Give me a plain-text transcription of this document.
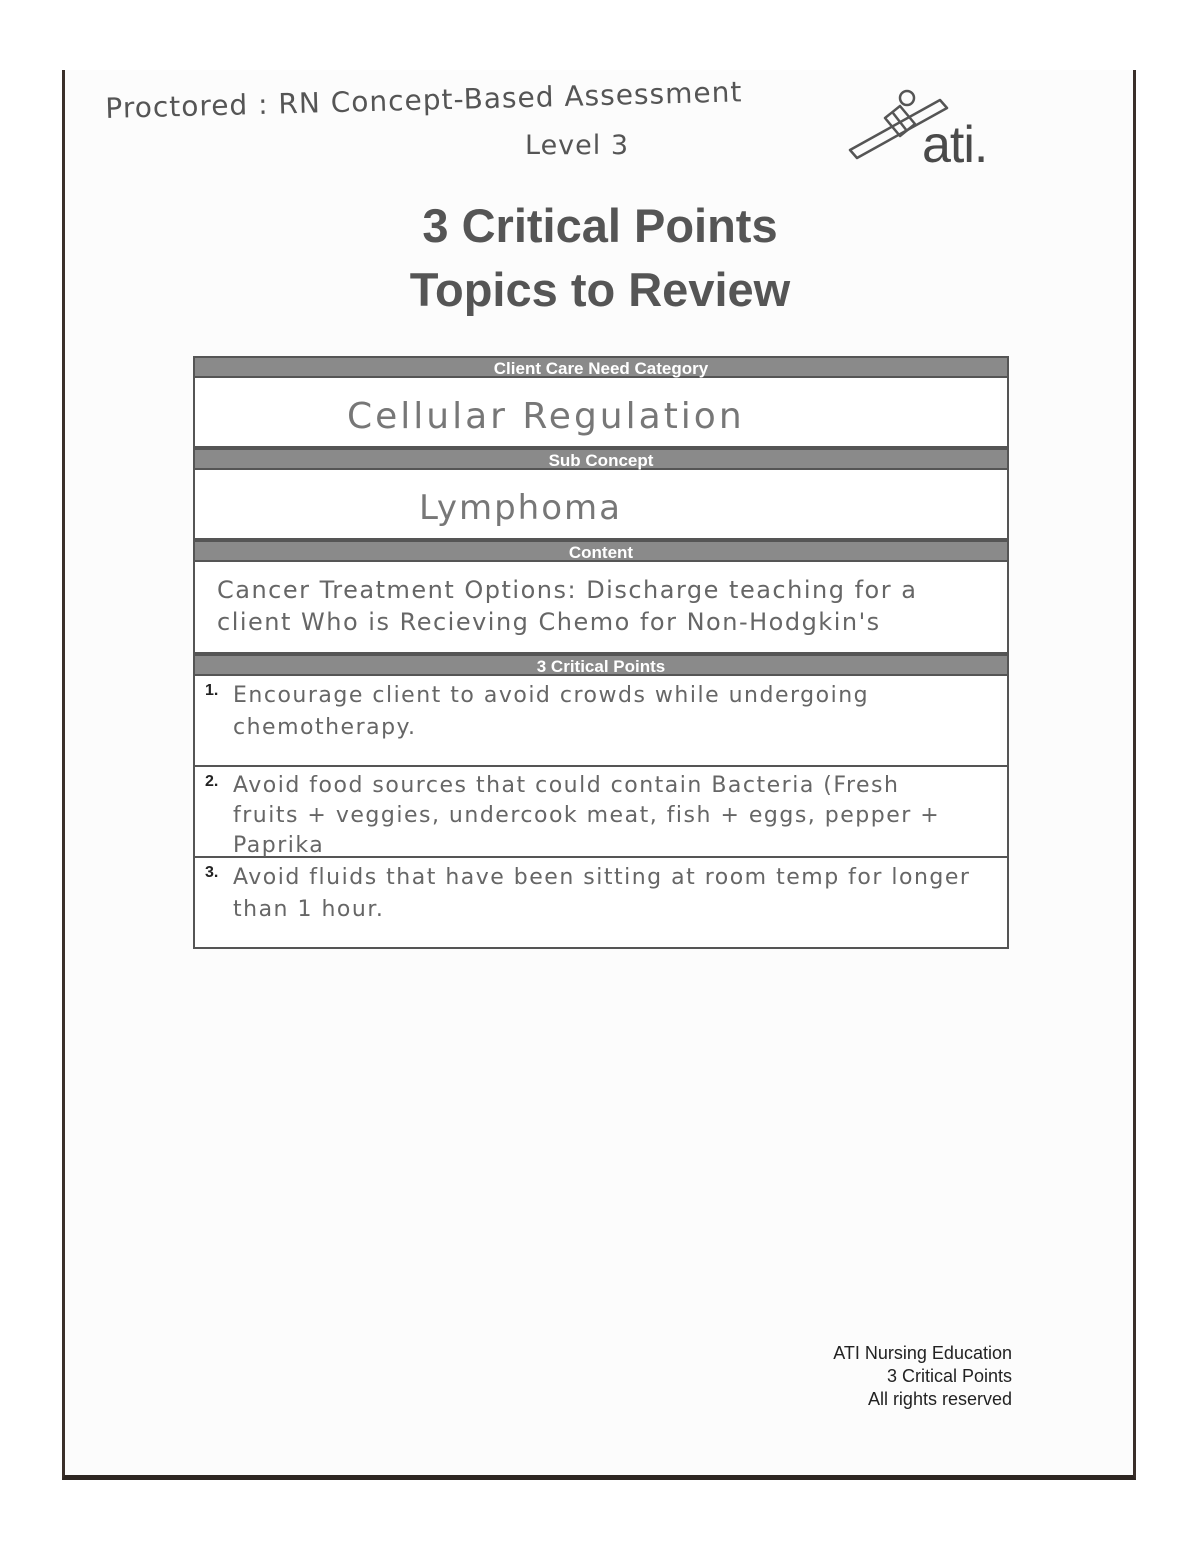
Proctored : RN Concept-Based Assessment
Level 3	ati.
3 Critical Points
Topics to Review
Client Care Need Category
Cellular Regulation
Sub Concept
Lymphoma
Content
Cancer Treatment Options: Discharge teaching for a client Who is Recieving Chemo for Non-Hodgkin's
3 Critical Points
1. Encourage client to avoid crowds while undergoing chemotherapy.
2. Avoid food sources that could contain Bacteria (Fresh fruits + veggies, undercook meat, fish + eggs, pepper + Paprika
3. Avoid fluids that have been sitting at room temp for longer than 1 hour.
ATI Nursing Education
3 Critical Points
All rights reserved
